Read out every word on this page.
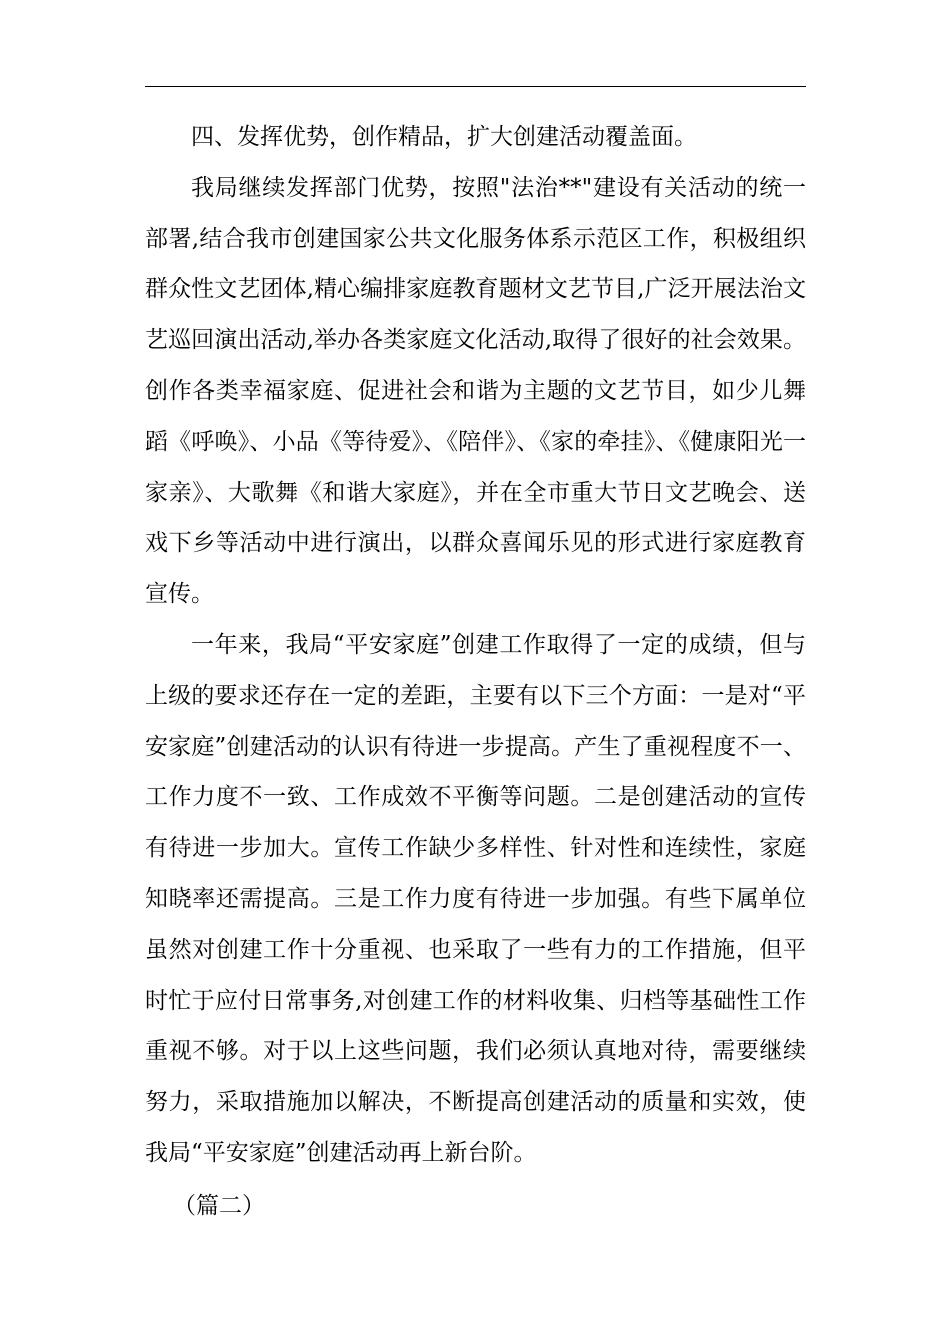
四、发挥优势，创作精品，扩大创建活动覆盖面。

我局继续发挥部门优势，按照"法治**"建设有关活动的统一部署,结合我市创建国家公共文化服务体系示范区工作，积极组织群众性文艺团体,精心编排家庭教育题材文艺节目,广泛开展法治文艺巡回演出活动,举办各类家庭文化活动,取得了很好的社会效果。创作各类幸福家庭、促进社会和谐为主题的文艺节目，如少儿舞蹈《呼唤》、小品《等待爱》、《陪伴》、《家的牵挂》、《健康阳光一家亲》、大歌舞《和谐大家庭》，并在全市重大节日文艺晚会、送戏下乡等活动中进行演出，以群众喜闻乐见的形式进行家庭教育宣传。

一年来，我局“平安家庭”创建工作取得了一定的成绩，但与上级的要求还存在一定的差距，主要有以下三个方面：一是对“平安家庭”创建活动的认识有待进一步提高。产生了重视程度不一、工作力度不一致、工作成效不平衡等问题。二是创建活动的宣传有待进一步加大。宣传工作缺少多样性、针对性和连续性，家庭知晓率还需提高。三是工作力度有待进一步加强。有些下属单位虽然对创建工作十分重视、也采取了一些有力的工作措施，但平时忙于应付日常事务,对创建工作的材料收集、归档等基础性工作重视不够。对于以上这些问题，我们必须认真地对待，需要继续努力，采取措施加以解决，不断提高创建活动的质量和实效，使我局“平安家庭”创建活动再上新台阶。

（篇二）
